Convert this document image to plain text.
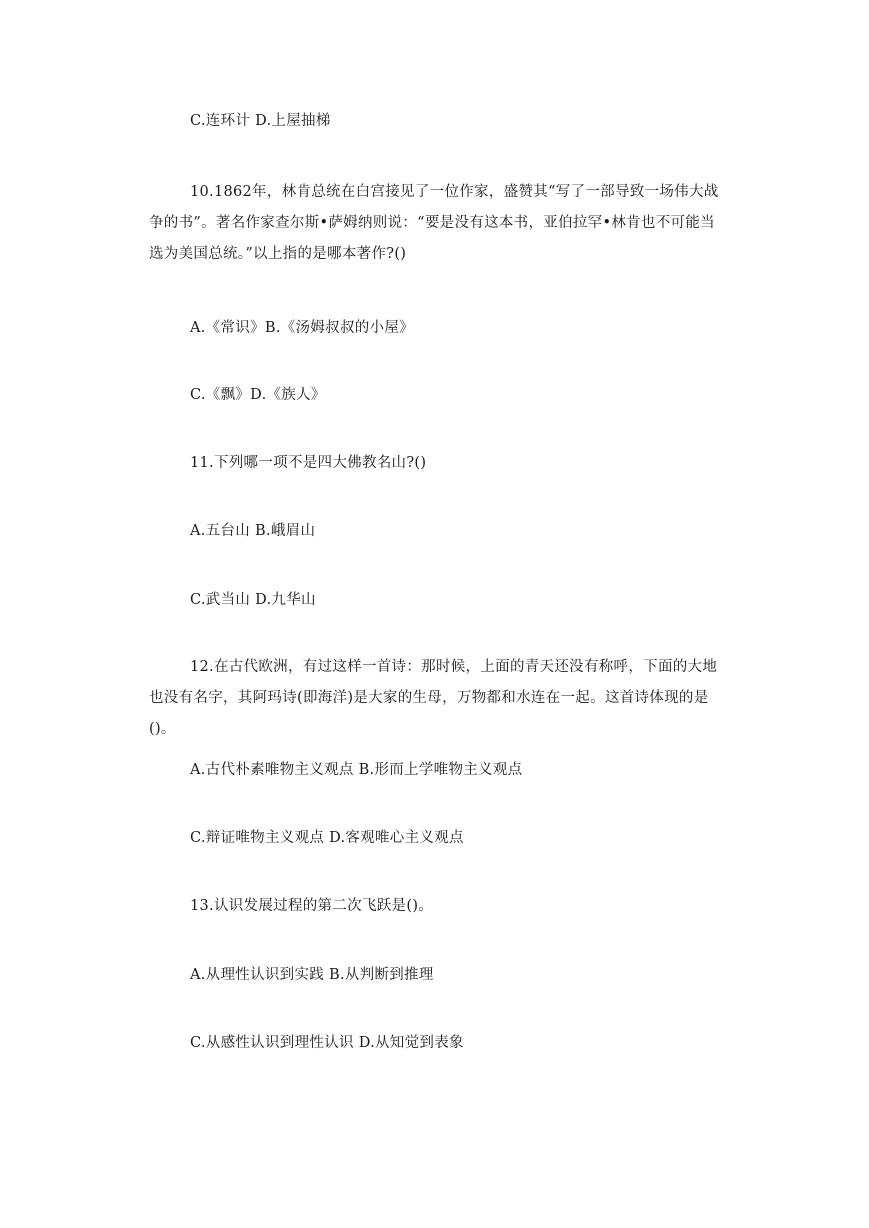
C.连环计 D.上屋抽梯
10.1862年，林肯总统在白宫接见了一位作家，盛赞其“写了一部导致一场伟大战争的书”。著名作家查尔斯•萨姆纳则说：“要是没有这本书，亚伯拉罕•林肯也不可能当选为美国总统。”以上指的是哪本著作?()
A.《常识》B.《汤姆叔叔的小屋》
C.《飘》D.《族人》
11.下列哪一项不是四大佛教名山?()
A.五台山 B.峨眉山
C.武当山 D.九华山
12.在古代欧洲，有过这样一首诗：那时候，上面的青天还没有称呼，下面的大地也没有名字，其阿玛诗(即海洋)是大家的生母，万物都和水连在一起。这首诗体现的是()。
A.古代朴素唯物主义观点 B.形而上学唯物主义观点
C.辩证唯物主义观点 D.客观唯心主义观点
13.认识发展过程的第二次飞跃是()。
A.从理性认识到实践 B.从判断到推理
C.从感性认识到理性认识 D.从知觉到表象
